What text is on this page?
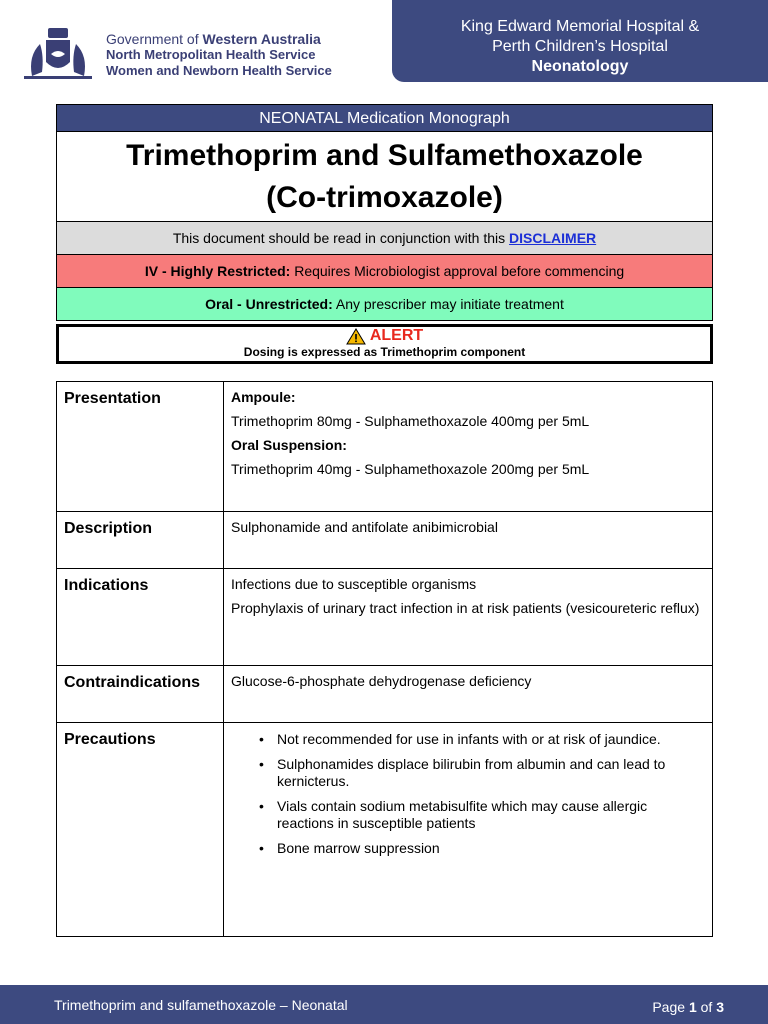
Government of Western Australia
North Metropolitan Health Service
Women and Newborn Health Service
King Edward Memorial Hospital &
Perth Children’s Hospital
Neonatology
NEONATAL Medication Monograph
Trimethoprim and Sulfamethoxazole
(Co-trimoxazole)
This document should be read in conjunction with this DISCLAIMER
IV - Highly Restricted: Requires Microbiologist approval before commencing
Oral - Unrestricted: Any prescriber may initiate treatment
ALERT
Dosing is expressed as Trimethoprim component
Presentation	Ampoule:

Trimethoprim 80mg - Sulphamethoxazole 400mg per 5mL

Oral Suspension:

Trimethoprim 40mg - Sulphamethoxazole 200mg per 5mL

Description	Sulphonamide and antifolate anibimicrobial

Indications	Infections due to susceptible organisms

Prophylaxis of urinary tract infection in at risk patients (vesicoureteric reflux)

Contraindications	Glucose-6-phosphate dehydrogenase deficiency

Precautions
•	Not recommended for use in infants with or at risk of jaundice.
• Sulphonamides displace bilirubin from albumin and can lead to kernicterus.
• Vials contain sodium metabisulfite which may cause allergic reactions in susceptible patients
• Bone marrow suppression
Trimethoprim and sulfamethoxazole – Neonatal	Page 1 of 3
